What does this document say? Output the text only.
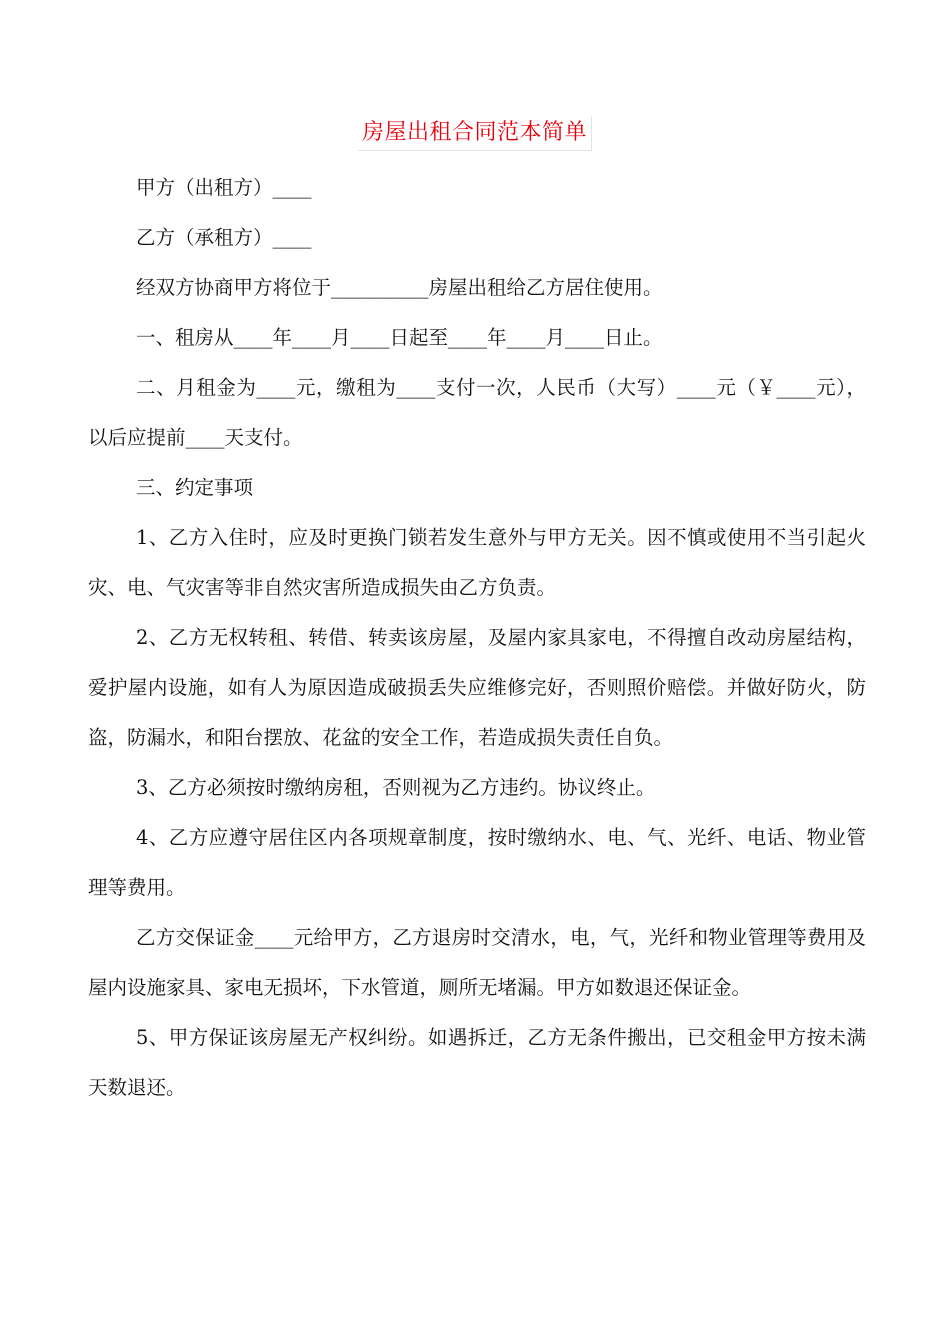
房屋出租合同范本简单

甲方（出租方）____

乙方（承租方）____

经双方协商甲方将位于__________房屋出租给乙方居住使用。

一、租房从____年____月____日起至____年____月____日止。

二、月租金为____元，缴租为____支付一次，人民币（大写）____元（￥____元），以后应提前____天支付。

三、约定事项

1、乙方入住时，应及时更换门锁若发生意外与甲方无关。因不慎或使用不当引起火灾、电、气灾害等非自然灾害所造成损失由乙方负责。

2、乙方无权转租、转借、转卖该房屋，及屋内家具家电，不得擅自改动房屋结构，爱护屋内设施，如有人为原因造成破损丢失应维修完好，否则照价赔偿。并做好防火，防盗，防漏水，和阳台摆放、花盆的安全工作，若造成损失责任自负。

3、乙方必须按时缴纳房租，否则视为乙方违约。协议终止。

4、乙方应遵守居住区内各项规章制度，按时缴纳水、电、气、光纤、电话、物业管理等费用。

乙方交保证金____元给甲方，乙方退房时交清水，电，气，光纤和物业管理等费用及屋内设施家具、家电无损坏，下水管道，厕所无堵漏。甲方如数退还保证金。

5、甲方保证该房屋无产权纠纷。如遇拆迁，乙方无条件搬出，已交租金甲方按未满天数退还。
